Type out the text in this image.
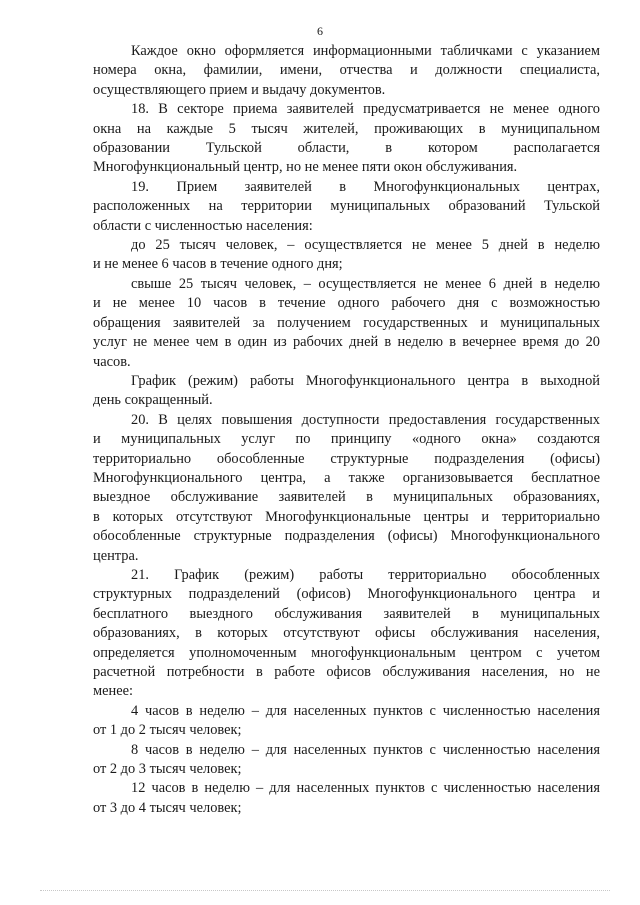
6
Каждое окно оформляется информационными табличками с указанием
номера окна, фамилии, имени, отчества и должности специалиста,
осуществляющего прием и выдачу документов.
18. В секторе приема заявителей предусматривается не менее одного
окна на каждые 5 тысяч жителей, проживающих в муниципальном
образовании Тульской области, в котором располагается
Многофункциональный центр, но не менее пяти окон обслуживания.
19. Прием заявителей в Многофункциональных центрах,
расположенных на территории муниципальных образований Тульской
области с численностью населения:
до 25 тысяч человек, – осуществляется не менее 5 дней в неделю
и не менее 6 часов в течение одного дня;
свыше 25 тысяч человек, – осуществляется не менее 6 дней в неделю
и не менее 10 часов в течение одного рабочего дня с возможностью
обращения заявителей за получением государственных и муниципальных
услуг не менее чем в один из рабочих дней в неделю в вечернее время до 20
часов.
График (режим) работы Многофункционального центра в выходной
день сокращенный.
20. В целях повышения доступности предоставления государственных
и муниципальных услуг по принципу «одного окна» создаются
территориально обособленные структурные подразделения (офисы)
Многофункционального центра, а также организовывается бесплатное
выездное обслуживание заявителей в муниципальных образованиях,
в которых отсутствуют Многофункциональные центры и территориально
обособленные структурные подразделения (офисы) Многофункционального
центра.
21. График (режим) работы территориально обособленных
структурных подразделений (офисов) Многофункционального центра и
бесплатного выездного обслуживания заявителей в муниципальных
образованиях, в которых отсутствуют офисы обслуживания населения,
определяется уполномоченным многофункциональным центром с учетом
расчетной потребности в работе офисов обслуживания населения, но не
менее:
4 часов в неделю – для населенных пунктов с численностью населения
от 1 до 2 тысяч человек;
8 часов в неделю – для населенных пунктов с численностью населения
от 2 до 3 тысяч человек;
12 часов в неделю – для населенных пунктов с численностью населения
от 3 до 4 тысяч человек;
